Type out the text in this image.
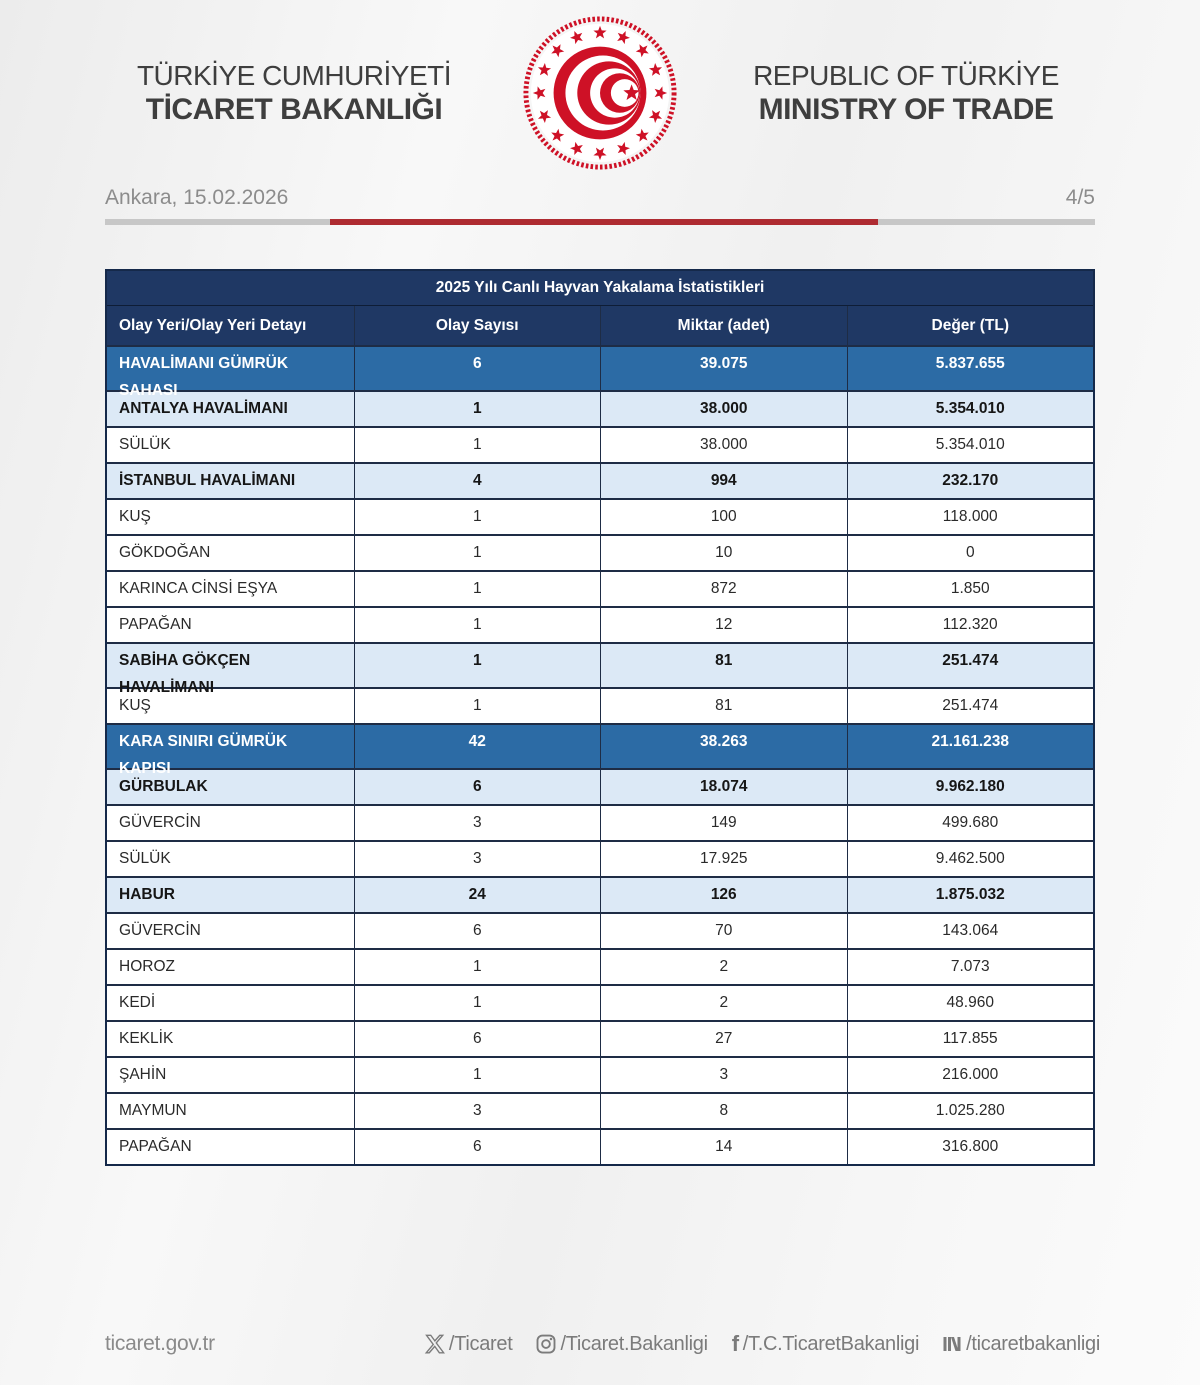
TÜRKİYE CUMHURİYETİ
TİCARET BAKANLIĞI
REPUBLIC OF TÜRKİYE
MINISTRY OF TRADE
Ankara, 15.02.2026	4/5
2025 Yılı Canlı Hayvan Yakalama İstatistikleri
Olay Yeri/Olay Yeri Detayı	Olay Sayısı	Miktar (adet)	Değer (TL)
HAVALİMANI GÜMRÜK
SAHASI
6	39.075	5.837.655
ANTALYA HAVALİMANI	1	38.000	5.354.010
SÜLÜK	1	38.000	5.354.010
İSTANBUL HAVALİMANI	4	994	232.170
KUŞ	1	100	118.000
GÖKDOĞAN	1	10	0
KARINCA CİNSİ EŞYA	1	872	1.850
PAPAĞAN	1	12	112.320
SABİHA GÖKÇEN
HAVALİMANI
1	81	251.474
KUŞ	1	81	251.474
KARA SINIRI GÜMRÜK
KAPISI
42	38.263	21.161.238
GÜRBULAK	6	18.074	9.962.180
GÜVERCİN	3	149	499.680
SÜLÜK	3	17.925	9.462.500
HABUR	24	126	1.875.032
GÜVERCİN	6	70	143.064
HOROZ	1	2	7.073
KEDİ	1	2	48.960
KEKLİK	6	27	117.855
ŞAHİN	1	3	216.000
MAYMUN	3	8	1.025.280
PAPAĞAN	6	14	316.800
ticaret.gov.tr	/Ticaret /Ticaret.Bakanligi f /T.C.TicaretBakanligi /ticaretbakanligi
